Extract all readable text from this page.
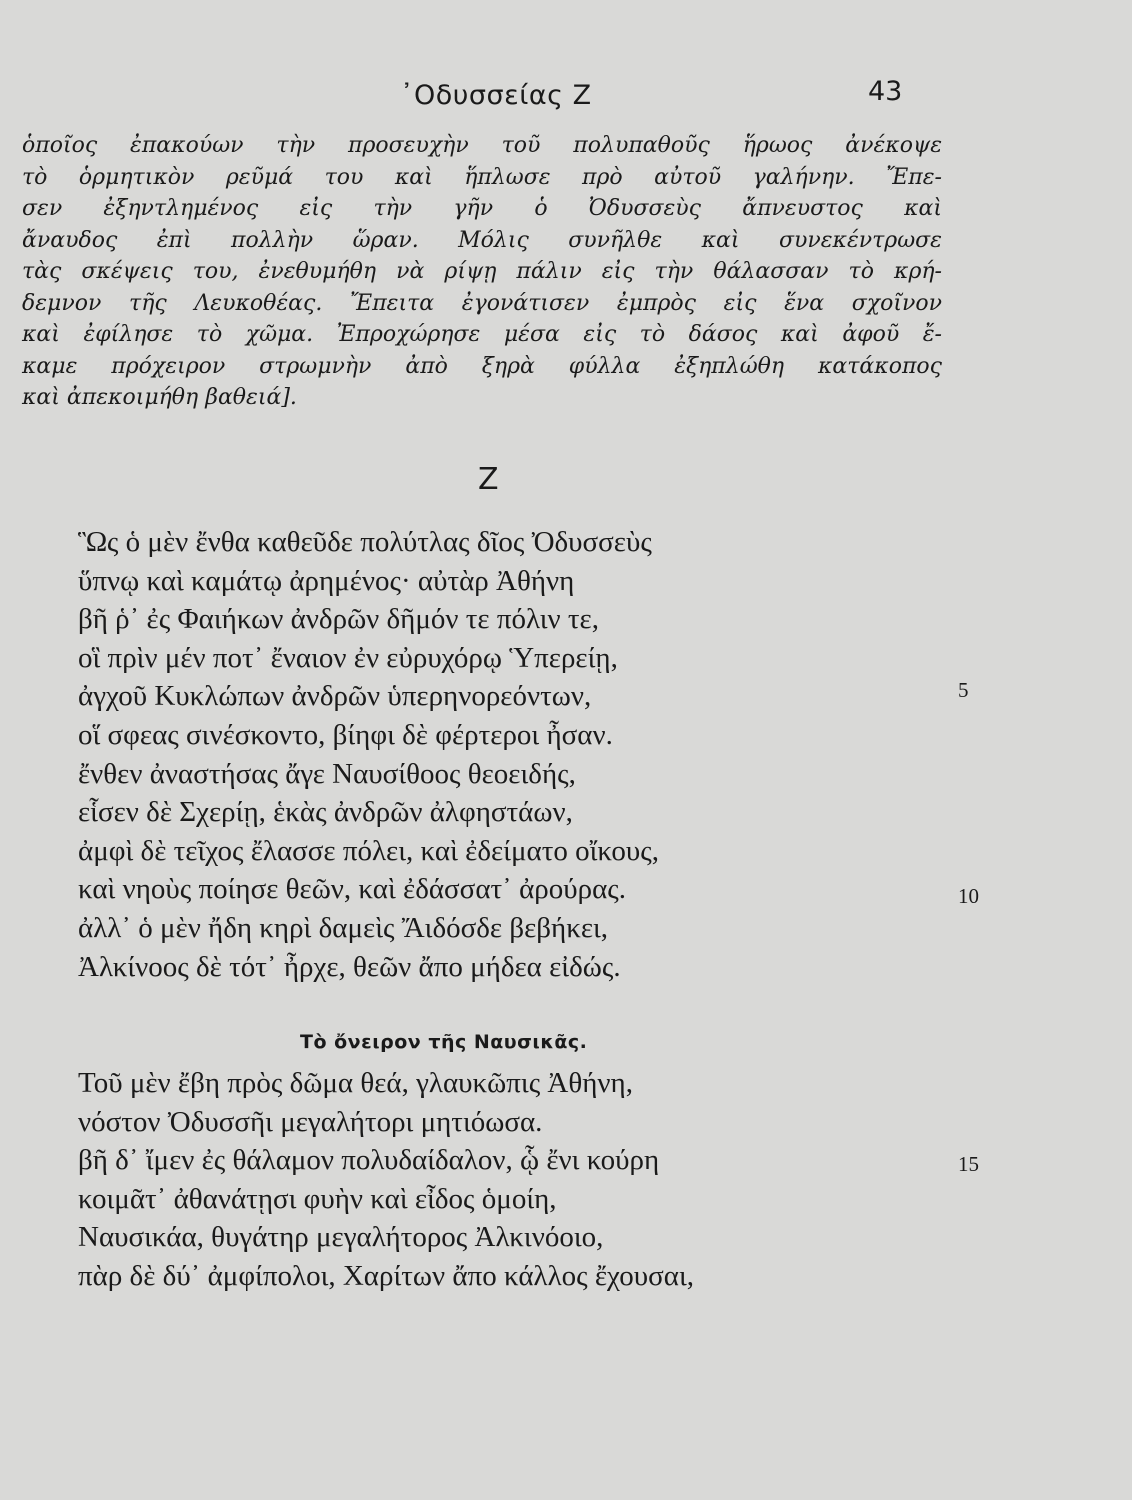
᾿Οδυσσείας Ζ	43
ὁποῖος ἐπακούων τὴν προσευχὴν τοῦ πολυπαθοῦς ἥρωος ἀνέκοψε
τὸ ὁρμητικὸν ρεῦμά του καὶ ἥπλωσε πρὸ αὐτοῦ γαλήνην. Ἔπε-
σεν ἐξηντλημένος εἰς τὴν γῆν ὁ Ὀδυσσεὺς ἄπνευστος καὶ
ἄναυδος ἐπὶ πολλὴν ὥραν. Μόλις συνῆλθε καὶ συνεκέντρωσε
τὰς σκέψεις του, ἐνεθυμήθη νὰ ρίψῃ πάλιν εἰς τὴν θάλασσαν τὸ κρή-
δεμνον τῆς Λευκοθέας. Ἔπειτα ἐγονάτισεν ἐμπρὸς εἰς ἕνα σχοῖνον
καὶ ἐφίλησε τὸ χῶμα. Ἐπροχώρησε μέσα εἰς τὸ δάσος καὶ ἀφοῦ ἔ-
καμε πρόχειρον στρωμνὴν ἀπὸ ξηρὰ φύλλα ἐξηπλώθη κατάκοπος
καὶ ἀπεκοιμήθη βαθειά].
Ζ
Ὣς ὁ μὲν ἔνθα καθεῦδε πολύτλας δῖος Ὀδυσσεὺς
ὕπνῳ καὶ καμάτῳ ἀρημένος· αὐτὰρ Ἀθήνη
βῆ ῥ᾽ ἐς Φαιήκων ἀνδρῶν δῆμόν τε πόλιν τε,
οἳ πρὶν μέν ποτ᾽ ἔναιον ἐν εὐρυχόρῳ Ὑπερείῃ,
ἀγχοῦ Κυκλώπων ἀνδρῶν ὑπερηνορεόντων,
οἵ σφεας σινέσκοντο, βίηφι δὲ φέρτεροι ἦσαν.
ἔνθεν ἀναστήσας ἄγε Ναυσίθοος θεοειδής,
εἷσεν δὲ Σχερίῃ, ἑκὰς ἀνδρῶν ἀλφηστάων,
ἀμφὶ δὲ τεῖχος ἔλασσε πόλει, καὶ ἐδείματο οἴκους,
καὶ νηοὺς ποίησε θεῶν, καὶ ἐδάσσατ᾽ ἀρούρας.
ἀλλ᾽ ὁ μὲν ἤδη κηρὶ δαμεὶς Ἄιδόσδε βεβήκει,
Ἀλκίνοος δὲ τότ᾽ ἦρχε, θεῶν ἄπο μήδεα εἰδώς.
Τὸ ὄνειρον τῆς Ναυσικᾶς.
Τοῦ μὲν ἔβη πρὸς δῶμα θεά, γλαυκῶπις Ἀθήνη,
νόστον Ὀδυσσῆι μεγαλήτορι μητιόωσα.
βῆ δ᾽ ἴμεν ἐς θάλαμον πολυδαίδαλον, ᾧ ἔνι κούρη
κοιμᾶτ᾽ ἀθανάτῃσι φυὴν καὶ εἶδος ὁμοίη,
Ναυσικάα, θυγάτηρ μεγαλήτορος Ἀλκινόοιο,
πὰρ δὲ δύ᾽ ἀμφίπολοι, Χαρίτων ἄπο κάλλος ἔχουσαι,
5
10
15
